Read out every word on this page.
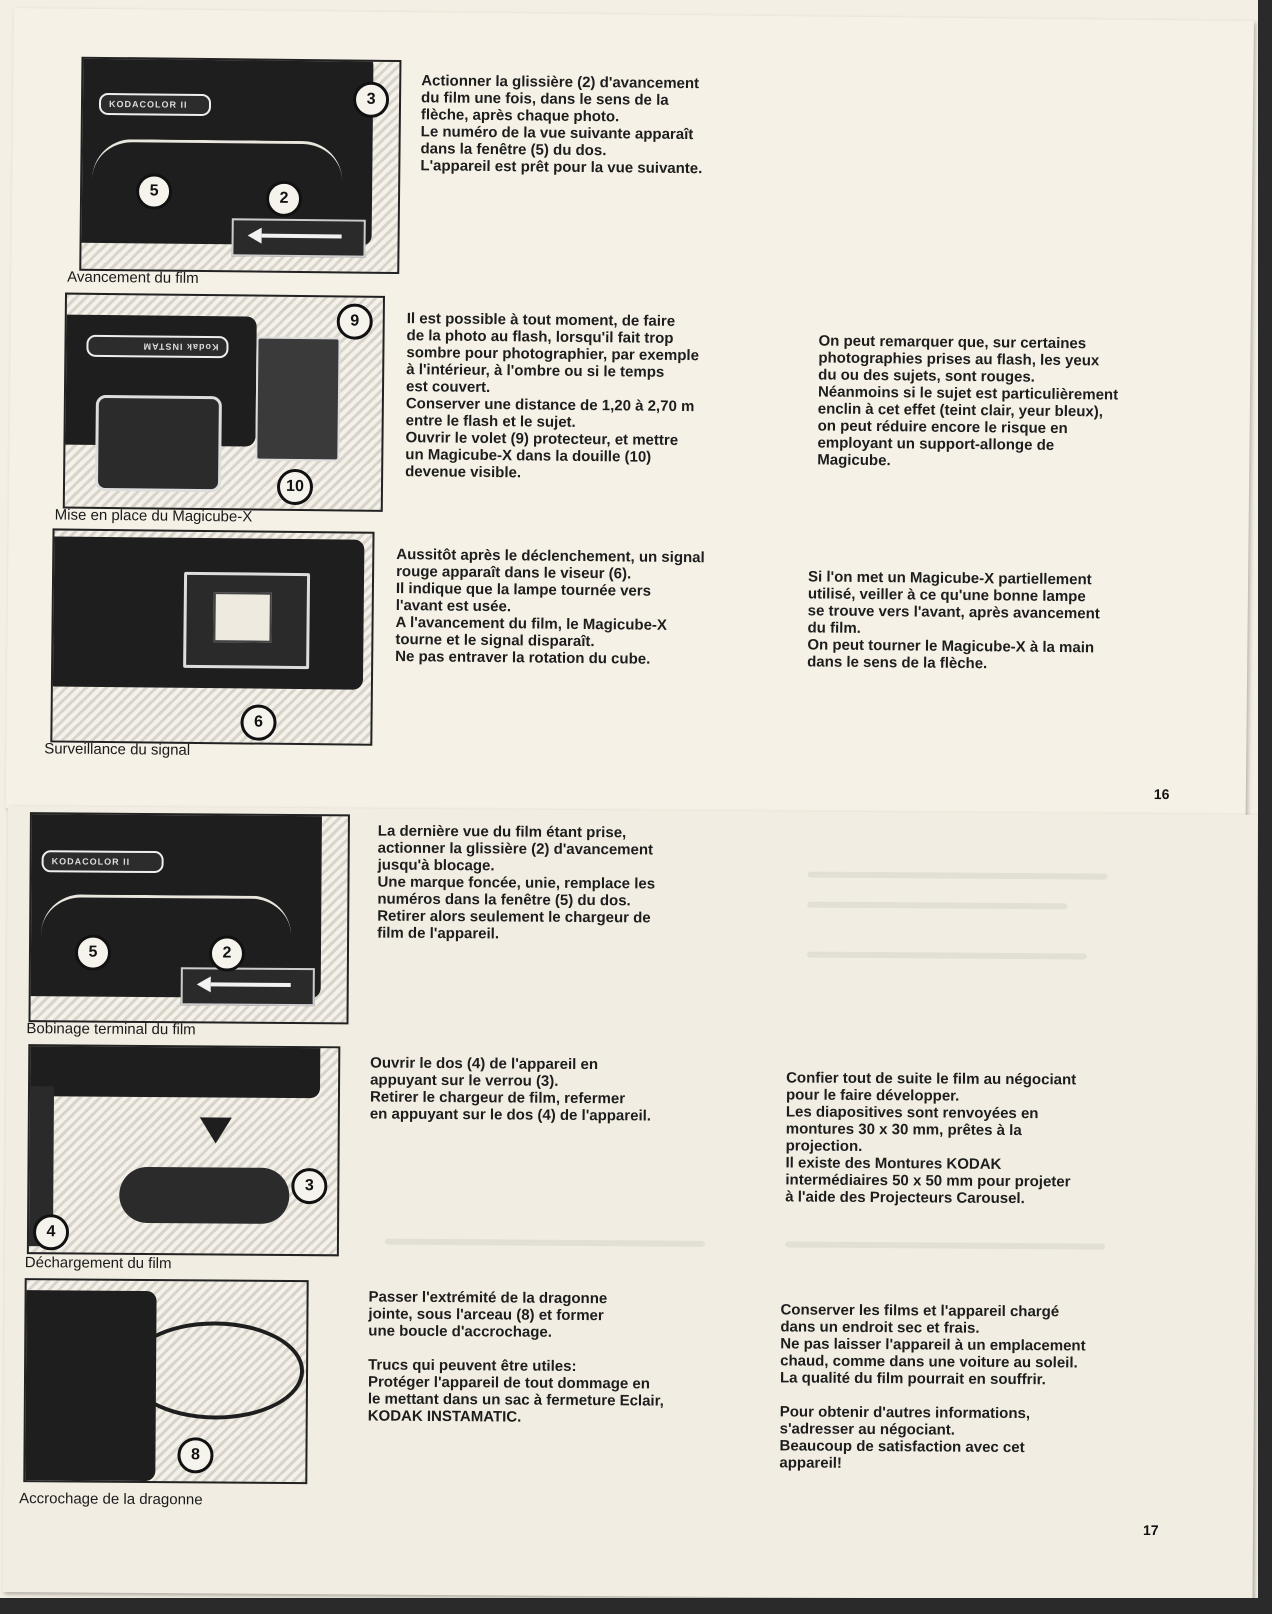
KODACOLOR II	3
5	2
Avancement du film
Actionner la glissière (2) d'avancement
du film une fois, dans le sens de la
flèche, après chaque photo.
Le numéro de la vue suivante apparaît
dans la fenêtre (5) du dos.
L'appareil est prêt pour la vue suivante.
Kodak INSTAM
9
10
Mise en place du Magicube-X
Il est possible à tout moment, de faire
de la photo au flash, lorsqu'il fait trop
sombre pour photographier, par exemple
à l'intérieur, à l'ombre ou si le temps
est couvert.
Conserver une distance de 1,20 à 2,70 m
entre le flash et le sujet.
Ouvrir le volet (9) protecteur, et mettre
un Magicube-X dans la douille (10)
devenue visible.
On peut remarquer que, sur certaines
photographies prises au flash, les yeux
du ou des sujets, sont rouges.
Néanmoins si le sujet est particulièrement
enclin à cet effet (teint clair, yeur bleux),
on peut réduire encore le risque en
employant un support-allonge de
Magicube.
6
Surveillance du signal
Aussitôt après le déclenchement, un signal
rouge apparaît dans le viseur (6).
Il indique que la lampe tournée vers
l'avant est usée.
A l'avancement du film, le Magicube-X
tourne et le signal disparaît.
Ne pas entraver la rotation du cube.
Si l'on met un Magicube-X partiellement
utilisé, veiller à ce qu'une bonne lampe
se trouve vers l'avant, après avancement
du film.
On peut tourner le Magicube-X à la main
dans le sens de la flèche.
16
KODACOLOR II
5	2
Bobinage terminal du film
La dernière vue du film étant prise,
actionner la glissière (2) d'avancement
jusqu'à blocage.
Une marque foncée, unie, remplace les
numéros dans la fenêtre (5) du dos.
Retirer alors seulement le chargeur de
film de l'appareil.
3
4
Déchargement du film
Ouvrir le dos (4) de l'appareil en
appuyant sur le verrou (3).
Retirer le chargeur de film, refermer
en appuyant sur le dos (4) de l'appareil.
Confier tout de suite le film au négociant
pour le faire développer.
Les diapositives sont renvoyées en
montures 30 x 30 mm, prêtes à la
projection.
Il existe des Montures KODAK
intermédiaires 50 x 50 mm pour projeter
à l'aide des Projecteurs Carousel.
8
Accrochage de la dragonne
Passer l'extrémité de la dragonne
jointe, sous l'arceau (8) et former
une boucle d'accrochage.

Trucs qui peuvent être utiles:
Protéger l'appareil de tout dommage en
le mettant dans un sac à fermeture Eclair,
KODAK INSTAMATIC.
Conserver les films et l'appareil chargé
dans un endroit sec et frais.
Ne pas laisser l'appareil à un emplacement
chaud, comme dans une voiture au soleil.
La qualité du film pourrait en souffrir.

Pour obtenir d'autres informations,
s'adresser au négociant.
Beaucoup de satisfaction avec cet
appareil!
17
